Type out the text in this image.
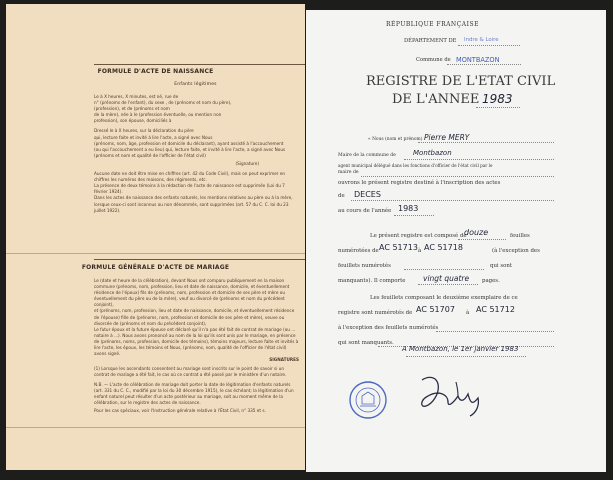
FORMULE D'ACTE DE NAISSANCE
Enfants légitimes
Le à X heures, X minutes, est né, rue de
n° (prénoms de l'enfant), du sexe , de (prénoms et nom du père),
(profession), et de (prénoms et nom
de la mère), née à le (profession éventuelle, ou mention non
profession), son épouse, domiciliés à
Dressé le à X heures, sur la déclaration du père
qui, lecture faite et invité à lire l'acte, a signé avec Nous
(prénoms, nom, âge, profession et domicile du déclarant), ayant assisté à l'accouchement
(ou qui l'accouchement a eu lieu) qui, lecture faite, et invité à lire l'acte, a signé avec Nous
(prénoms et nom et qualité de l'officier de l'état civil)
(Signature)
Aucune date ne doit être mise en chiffres (art. 42 du Code Civil), mais on peut exprimer en chiffres les numéros des maisons, des régiments, etc.
La présence de deux témoins à la rédaction de l'acte de naissance est supprimée (Loi du 7 février 1924).
Dans les actes de naissance des enfants naturels, les mentions relatives au père ou à la mère, lorsque ceux-ci sont inconnus ou non dénommés, sont supprimées (art. 57 du C. C. loi du 23 juillet 1922).
FORMULE GÉNÉRALE D'ACTE DE MARIAGE
Le (date et heure de la célébration), devant Nous ont comparu publiquement en la maison commune (prénoms, nom, profession, lieu et date de naissance, domicile, et éventuellement résidence de l'époux) fils de (prénoms, nom, profession et domicile de ses père et mère ou éventuellement du père ou de la mère), veuf ou divorcé de (prénoms et nom du précédent conjoint),
et (prénoms, nom, profession, lieu et date de naissance, domicile, et éventuellement résidence de l'épouse) fille de (prénoms, nom, profession et domicile de ses père et mère), veuve ou divorcée de (prénoms et nom du précédent conjoint),
Le futur époux et la future épouse ont déclaré qu'il n'a pas été fait de contrat de mariage (ou ... notaire à ...). Nous avons prononcé au nom de la loi qu'ils sont unis par le mariage, en présence de (prénoms, noms, profession, domicile des témoins), témoins majeurs, lecture faite et invités à lire l'acte, les époux, les témoins et Nous, (prénoms, nom, qualité de l'officier de l'état civil) avons signé.
SIGNATURES
(1) Lorsque les ascendants consentent au mariage sont inscrits sur le point de savoir si un contrat de mariage a été fait, le cas où ce contrat a été passé par le ministère d'un notaire.
N.B. — L'acte de célébration de mariage doit porter la date de légitimation d'enfants naturels (art. 331 du C. C., modifié par la loi du 30 décembre 1915), le cas échéant; la légitimation d'un enfant naturel peut résulter d'un acte postérieur au mariage, soit au moment même de la célébration, sur le registre des actes de naissance.
Pour les cas spéciaux, voir l'Instruction générale relative à l'État Civil, n° 335 et s.
RÉPUBLIQUE FRANÇAISE
DÉPARTEMENT DE Indre & Loire
Commune de MONTBAZON
REGISTRE DE L'ETAT CIVIL
DE L'ANNEE 1983
« Nous (nom et prénom) Pierre MERY
Maire de la commune de Montbazon
agent municipal délégué dans les fonctions d'officier de l'état civil par le
maire de
ouvrons le présent registre destiné à l'inscription des actes
de DECES
au cours de l'année 1983
Le présent registre est composé de
douze	feuilles
numérotées de AC 51713 à AC 51718	(à l'exception des
feuillets numérotés	qui sont
manquants). Il comporte vingt quatre pages.
Les feuillets composant le deuxième exemplaire de ce
registre sont numérotés de AC 51707 à AC 51712
à l'exception des feuillets numérotés
qui sont manquants.
A Montbazon, le 1er janvier 1983
